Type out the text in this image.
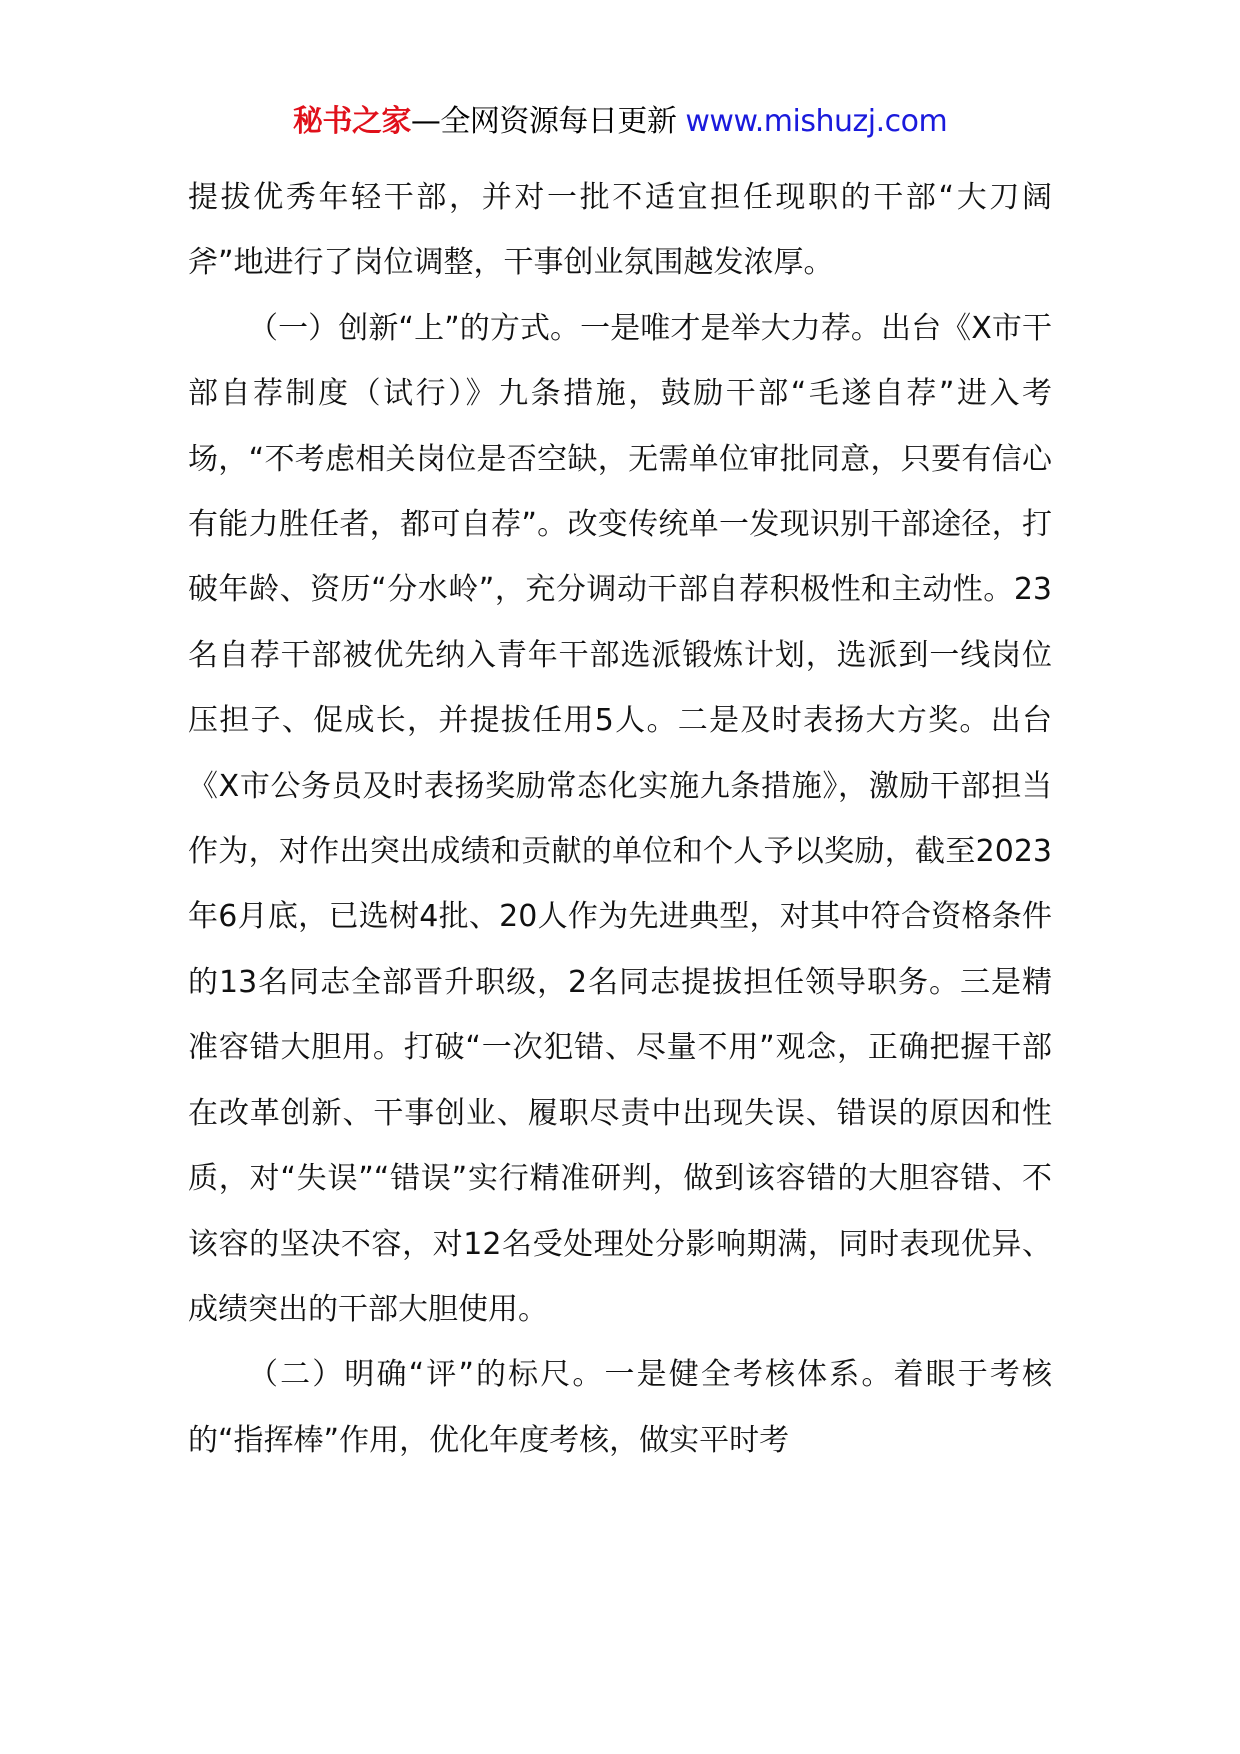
秘书之家—全网资源每日更新 www.mishuzj.com

提拔优秀年轻干部，并对一批不适宜担任现职的干部“大刀阔斧”地进行了岗位调整，干事创业氛围越发浓厚。

（一）创新“上”的方式。一是唯才是举大力荐。出台《X市干部自荐制度（试行）》九条措施，鼓励干部“毛遂自荐”进入考场，“不考虑相关岗位是否空缺，无需单位审批同意，只要有信心有能力胜任者，都可自荐”。改变传统单一发现识别干部途径，打破年龄、资历“分水岭”，充分调动干部自荐积极性和主动性。23名自荐干部被优先纳入青年干部选派锻炼计划，选派到一线岗位压担子、促成长，并提拔任用5人。二是及时表扬大方奖。出台《X市公务员及时表扬奖励常态化实施九条措施》，激励干部担当作为，对作出突出成绩和贡献的单位和个人予以奖励，截至2023年6月底，已选树4批、20人作为先进典型，对其中符合资格条件的13名同志全部晋升职级，2名同志提拔担任领导职务。三是精准容错大胆用。打破“一次犯错、尽量不用”观念，正确把握干部在改革创新、干事创业、履职尽责中出现失误、错误的原因和性质，对“失误”“错误”实行精准研判，做到该容错的大胆容错、不该容的坚决不容，对12名受处理处分影响期满，同时表现优异、成绩突出的干部大胆使用。

（二）明确“评”的标尺。一是健全考核体系。着眼于考核的“指挥棒”作用，优化年度考核，做实平时考
